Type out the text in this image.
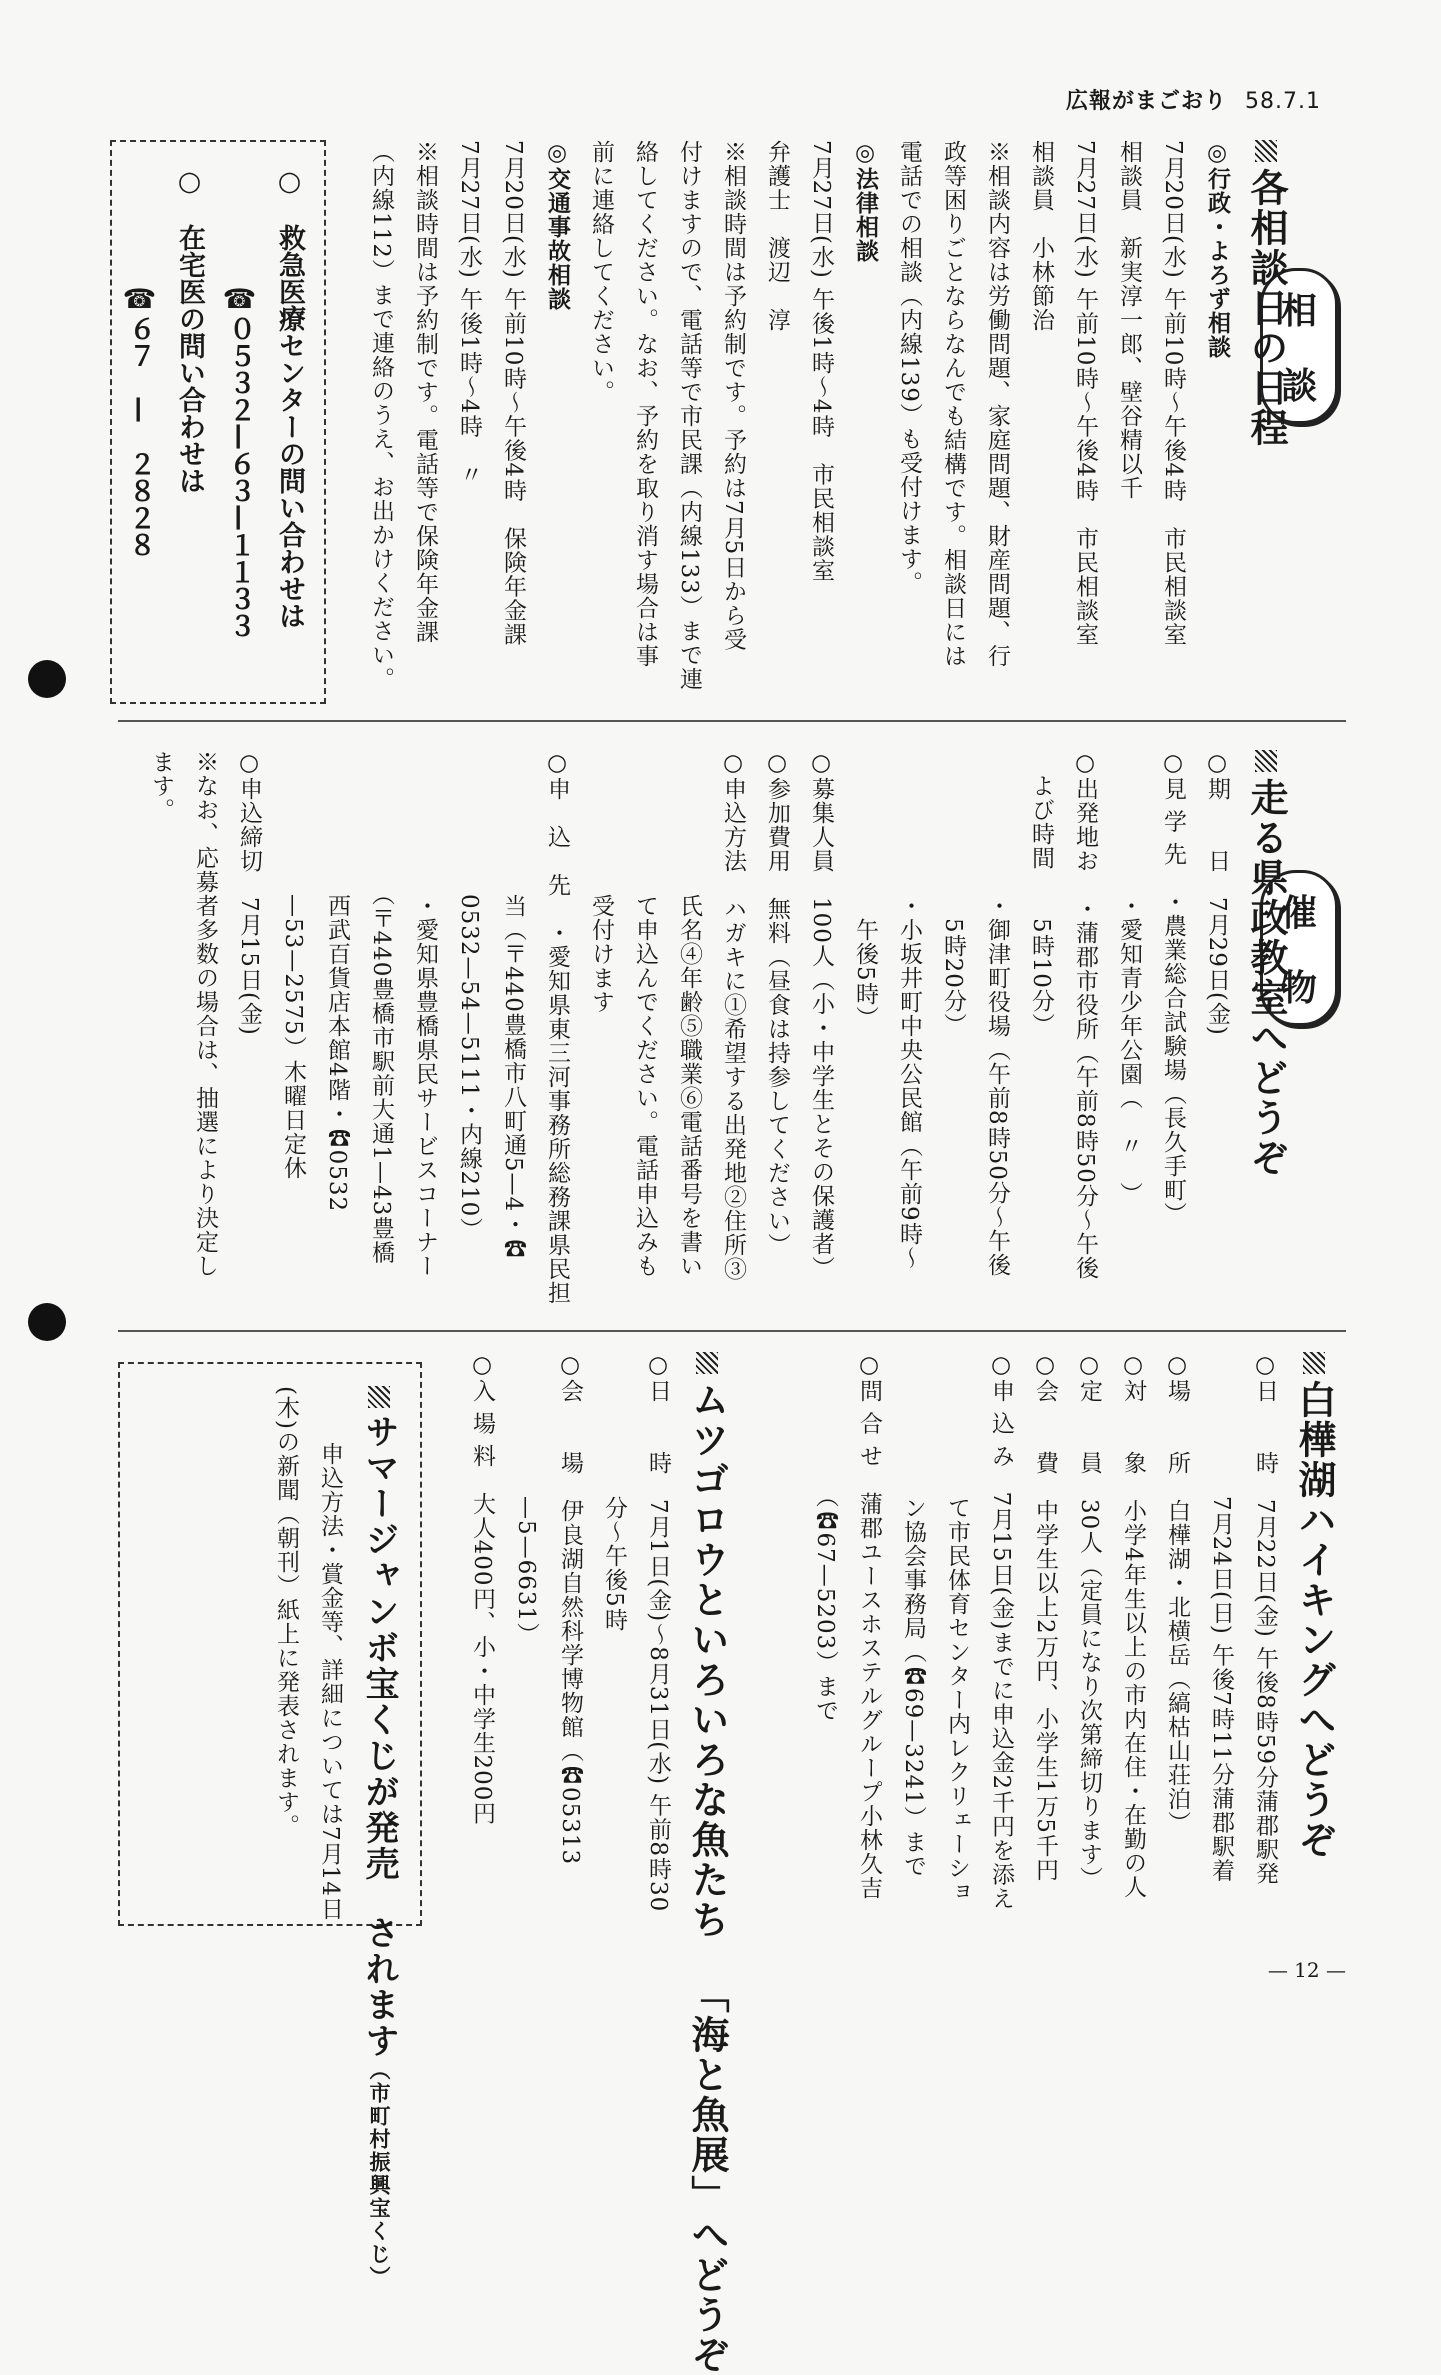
広報がまごおり 58.7.1
相
談
各相談日の日程
◎行政・よろず相談
7月20日(水) 午前10時〜午後4時　市民相談室
相談員　新実淳一郎、壁谷精以千
7月27日(水) 午前10時〜午後4時　市民相談室
相談員　小林節治
※相談内容は労働問題、家庭問題、財産問題、行
政等困りごとならなんでも結構です。相談日には
電話での相談（内線139）も受付けます。
◎法律相談
7月27日(水) 午後1時〜4時　市民相談室
弁護士　渡辺　淳
※相談時間は予約制です。予約は7月5日から受
付けますので、電話等で市民課（内線133）まで連
絡してください。なお、予約を取り消す場合は事
前に連絡してください。
◎交通事故相談
7月20日(水) 午前10時〜午後4時　保険年金課
7月27日(水) 午後1時〜4時　〃
※相談時間は予約制です。電話等で保険年金課
（内線112）まで連絡のうえ、お出かけください。
○　救急医療センターの問い合わせは
☎０５３２—６３—１１３３
○　在宅医の問い合わせは
☎６７　—　２８２８
催
物
走る県政教室へどうぞ
○期　　日　7月29日(金)
○見 学 先　・農業総合試験場（長久手町）
　　　　　　・愛知青少年公園（　〃　）
○出発地お　・蒲郡市役所（午前8時50分〜午後
　よび時間　　5時10分）
　　　　　　・御津町役場（午前8時50分〜午後
　　　　　　　5時20分）
　　　　　　・小坂井町中央公民館（午前9時〜
　　　　　　　午後5時）
○募集人員　100人（小・中学生とその保護者）
○参加費用　無料（昼食は持参してください）
○申込方法　ハガキに①希望する出発地②住所③
　　　　　　氏名④年齢⑤職業⑥電話番号を書い
　　　　　　て申込んでください。電話申込みも
　　　　　　受付けます
○申　込　先　・愛知県東三河事務所総務課県民担
　　　　　　当（〒440豊橋市八町通5—4・☎
　　　　　　0532—54—5111・内線210）
　　　　　　・愛知県豊橋県民サービスコーナー
　　　　　　（〒440豊橋市駅前大通1—43豊橋
　　　　　　西武百貨店本館4階・☎0532
　　　　　　—53—2575）木曜日定休
○申込締切　7月15日(金)
※なお、応募者多数の場合は、抽選により決定し
ます。
白樺湖ハイキングへどうぞ
○日　　時　7月22日(金) 午後8時59分蒲郡駅発
　　　　　　7月24日(日) 午後7時11分蒲郡駅着
○場　　所　白樺湖・北横岳（縞枯山荘泊）
○対　　象　小学4年生以上の市内在住・在勤の人
○定　　員　30人（定員になり次第締切ります）
○会　　費　中学生以上2万円、小学生1万5千円
○申 込 み　7月15日(金)までに申込金2千円を添え
　　　　　　て市民体育センター内レクリェーショ
　　　　　　ン協会事務局（☎69—3241）まで
○問 合 せ　蒲郡ユースホステルグループ小林久吉
　　　　　　（☎67—5203）まで
ムツゴロウといろいろな魚たち 「海と魚展」へどうぞ
○日　　時　7月1日(金)〜8月31日(水) 午前8時30
　　　　　　分〜午後5時
○会　　場　伊良湖自然科学博物館（☎05313
　　　　　　—5—6631）
○入 場 料　大人400円、小・中学生200円
サマージャンボ宝くじが発売 されます（市町村振興宝くじ）
申込方法・賞金等、詳細については7月14日
(木)の新聞（朝刊）紙上に発表されます。
— 12 —
